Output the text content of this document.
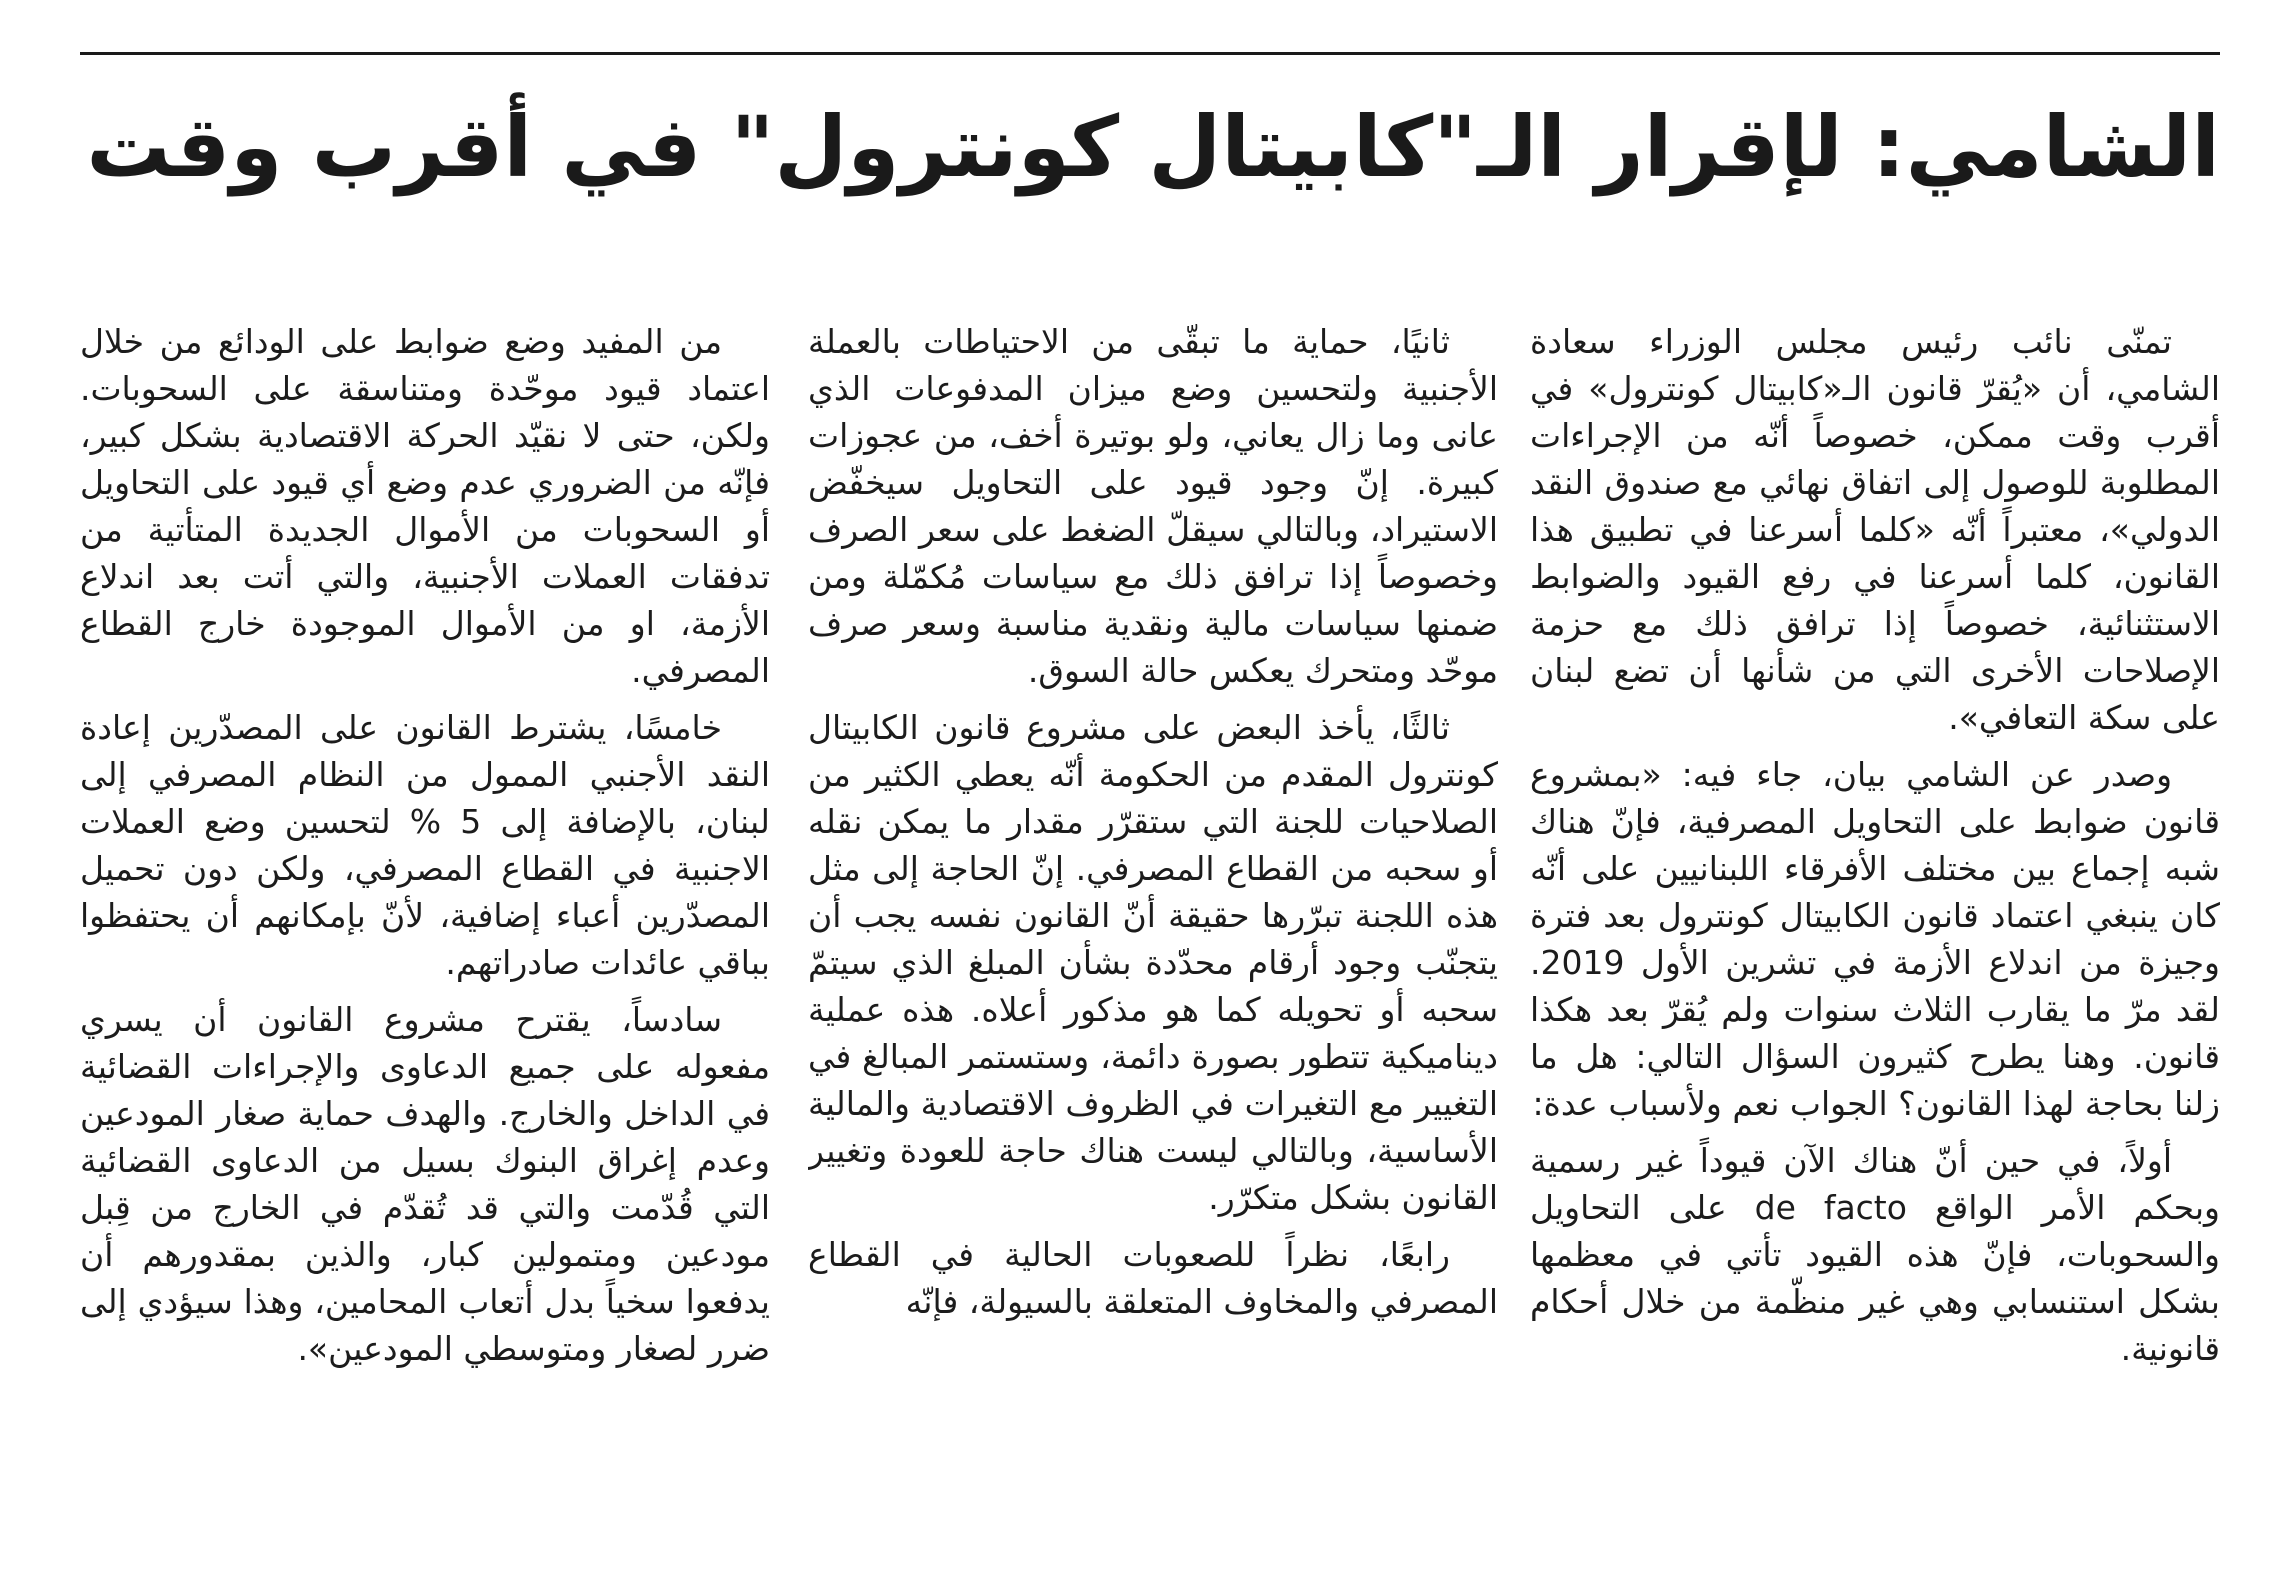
الشامي: لإقرار الـ"كابيتال كونترول" في أقرب وقت

تمنّى نائب رئيس مجلس الوزراء سعادة الشامي، أن «يُقرّ قانون الـ«كابيتال كونترول» في أقرب وقت ممكن، خصوصاً أنّه من الإجراءات المطلوبة للوصول إلى اتفاق نهائي مع صندوق النقد الدولي»، معتبراً أنّه «كلما أسرعنا في تطبيق هذا القانون، كلما أسرعنا في رفع القيود والضوابط الاستثنائية، خصوصاً إذا ترافق ذلك مع حزمة الإصلاحات الأخرى التي من شأنها أن تضع لبنان على سكة التعافي».

وصدر عن الشامي بيان، جاء فيه: «بمشروع قانون ضوابط على التحاويل المصرفية، فإنّ هناك شبه إجماع بين مختلف الأفرقاء اللبنانيين على أنّه كان ينبغي اعتماد قانون الكابيتال كونترول بعد فترة وجيزة من اندلاع الأزمة في تشرين الأول 2019. لقد مرّ ما يقارب الثلاث سنوات ولم يُقرّ بعد هكذا قانون. وهنا يطرح كثيرون السؤال التالي: هل ما زلنا بحاجة لهذا القانون؟ الجواب نعم ولأسباب عدة:

أولاً، في حين أنّ هناك الآن قيوداً غير رسمية وبحكم الأمر الواقع de facto على التحاويل والسحوبات، فإنّ هذه القيود تأتي في معظمها بشكل استنسابي وهي غير منظّمة من خلال أحكام قانونية.

ثانيًا، حماية ما تبقّى من الاحتياطات بالعملة الأجنبية ولتحسين وضع ميزان المدفوعات الذي عانى وما زال يعاني، ولو بوتيرة أخف، من عجوزات كبيرة. إنّ وجود قيود على التحاويل سيخفّض الاستيراد، وبالتالي سيقلّ الضغط على سعر الصرف وخصوصاً إذا ترافق ذلك مع سياسات مُكمّلة ومن ضمنها سياسات مالية ونقدية مناسبة وسعر صرف موحّد ومتحرك يعكس حالة السوق.

ثالثًا، يأخذ البعض على مشروع قانون الكابيتال كونترول المقدم من الحكومة أنّه يعطي الكثير من الصلاحيات للجنة التي ستقرّر مقدار ما يمكن نقله أو سحبه من القطاع المصرفي. إنّ الحاجة إلى مثل هذه اللجنة تبرّرها حقيقة أنّ القانون نفسه يجب أن يتجنّب وجود أرقام محدّدة بشأن المبلغ الذي سيتمّ سحبه أو تحويله كما هو مذكور أعلاه. هذه عملية ديناميكية تتطور بصورة دائمة، وستستمر المبالغ في التغيير مع التغيرات في الظروف الاقتصادية والمالية الأساسية، وبالتالي ليست هناك حاجة للعودة وتغيير القانون بشكل متكرّر.

رابعًا، نظراً للصعوبات الحالية في القطاع المصرفي والمخاوف المتعلقة بالسيولة، فإنّه

من المفيد وضع ضوابط على الودائع من خلال اعتماد قيود موحّدة ومتناسقة على السحوبات. ولكن، حتى لا نقيّد الحركة الاقتصادية بشكل كبير، فإنّه من الضروري عدم وضع أي قيود على التحاويل أو السحوبات من الأموال الجديدة المتأتية من تدفقات العملات الأجنبية، والتي أتت بعد اندلاع الأزمة، او من الأموال الموجودة خارج القطاع المصرفي.

خامسًا، يشترط القانون على المصدّرين إعادة النقد الأجنبي الممول من النظام المصرفي إلى لبنان، بالإضافة إلى 5 % لتحسين وضع العملات الاجنبية في القطاع المصرفي، ولكن دون تحميل المصدّرين أعباء إضافية، لأنّ بإمكانهم أن يحتفظوا بباقي عائدات صادراتهم.

سادساً، يقترح مشروع القانون أن يسري مفعوله على جميع الدعاوى والإجراءات القضائية في الداخل والخارج. والهدف حماية صغار المودعين وعدم إغراق البنوك بسيل من الدعاوى القضائية التي قُدّمت والتي قد تُقدّم في الخارج من قِبل مودعين ومتمولين كبار، والذين بمقدورهم أن يدفعوا سخياً بدل أتعاب المحامين، وهذا سيؤدي إلى ضرر لصغار ومتوسطي المودعين».
